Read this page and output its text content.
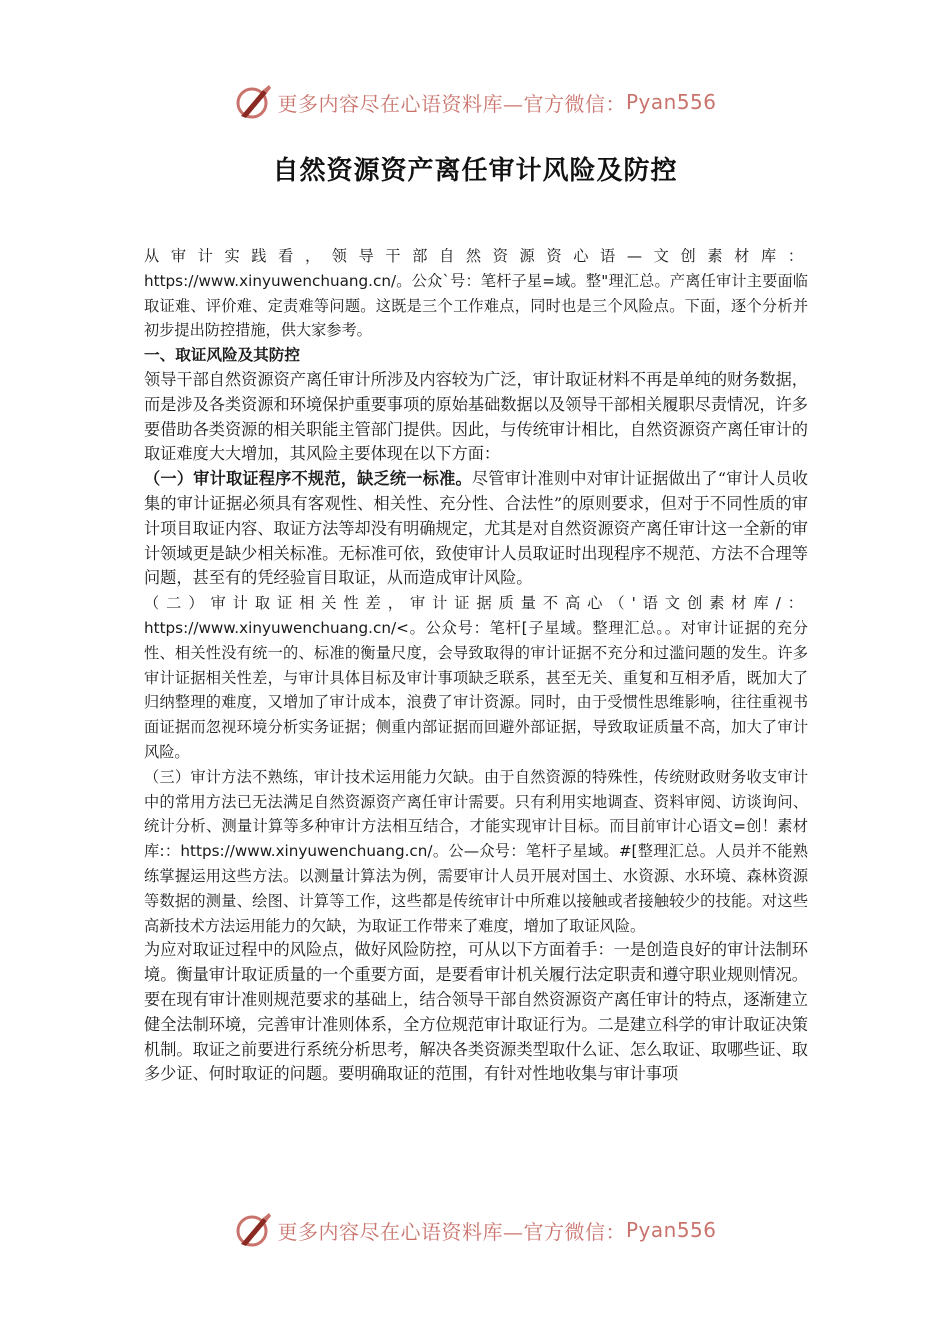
更多内容尽在心语资料库—官方微信： Pyan556
自然资源资产离任审计风险及防控

从审计实践看，领导干部自然资源资心语—文创素材库：https://www.xinyuwenchuang.cn/。公众`号：笔杆子星=域。整"理汇总。产离任审计主要面临取证难、评价难、定责难等问题。这既是三个工作难点，同时也是三个风险点。下面，逐个分析并初步提出防控措施，供大家参考。

一、取证风险及其防控

领导干部自然资源资产离任审计所涉及内容较为广泛，审计取证材料不再是单纯的财务数据，而是涉及各类资源和环境保护重要事项的原始基础数据以及领导干部相关履职尽责情况，许多要借助各类资源的相关职能主管部门提供。因此，与传统审计相比，自然资源资产离任审计的取证难度大大增加，其风险主要体现在以下方面：

（一）审计取证程序不规范，缺乏统一标准。尽管审计准则中对审计证据做出了“审计人员收集的审计证据必须具有客观性、相关性、充分性、合法性”的原则要求，但对于不同性质的审计项目取证内容、取证方法等却没有明确规定，尤其是对自然资源资产离任审计这一全新的审计领域更是缺少相关标准。无标准可依，致使审计人员取证时出现程序不规范、方法不合理等问题，甚至有的凭经验盲目取证，从而造成审计风险。

（二）审计取证相关性差，审计证据质量不高心（'语文创素材库/：https://www.xinyuwenchuang.cn/<。公众号：笔杆[子星域。整理汇总。。对审计证据的充分性、相关性没有统一的、标准的衡量尺度，会导致取得的审计证据不充分和过滥问题的发生。许多审计证据相关性差，与审计具体目标及审计事项缺乏联系，甚至无关、重复和互相矛盾，既加大了归纳整理的难度，又增加了审计成本，浪费了审计资源。同时，由于受惯性思维影响，往往重视书面证据而忽视环境分析实务证据；侧重内部证据而回避外部证据，导致取证质量不高，加大了审计风险。

（三）审计方法不熟练，审计技术运用能力欠缺。由于自然资源的特殊性，传统财政财务收支审计中的常用方法已无法满足自然资源资产离任审计需要。只有利用实地调查、资料审阅、访谈询问、统计分析、测量计算等多种审计方法相互结合，才能实现审计目标。而目前审计心语文=创！素材库:：https://www.xinyuwenchuang.cn/。公—众号：笔杆子星域。#[整理汇总。人员并不能熟练掌握运用这些方法。以测量计算法为例，需要审计人员开展对国土、水资源、水环境、森林资源等数据的测量、绘图、计算等工作，这些都是传统审计中所难以接触或者接触较少的技能。对这些高新技术方法运用能力的欠缺，为取证工作带来了难度，增加了取证风险。

为应对取证过程中的风险点，做好风险防控，可从以下方面着手：一是创造良好的审计法制环境。衡量审计取证质量的一个重要方面，是要看审计机关履行法定职责和遵守职业规则情况。要在现有审计准则规范要求的基础上，结合领导干部自然资源资产离任审计的特点，逐渐建立健全法制环境，完善审计准则体系，全方位规范审计取证行为。二是建立科学的审计取证决策机制。取证之前要进行系统分析思考，解决各类资源类型取什么证、怎么取证、取哪些证、取多少证、何时取证的问题。要明确取证的范围，有针对性地收集与审计事项

更多内容尽在心语资料库—官方微信： Pyan556
